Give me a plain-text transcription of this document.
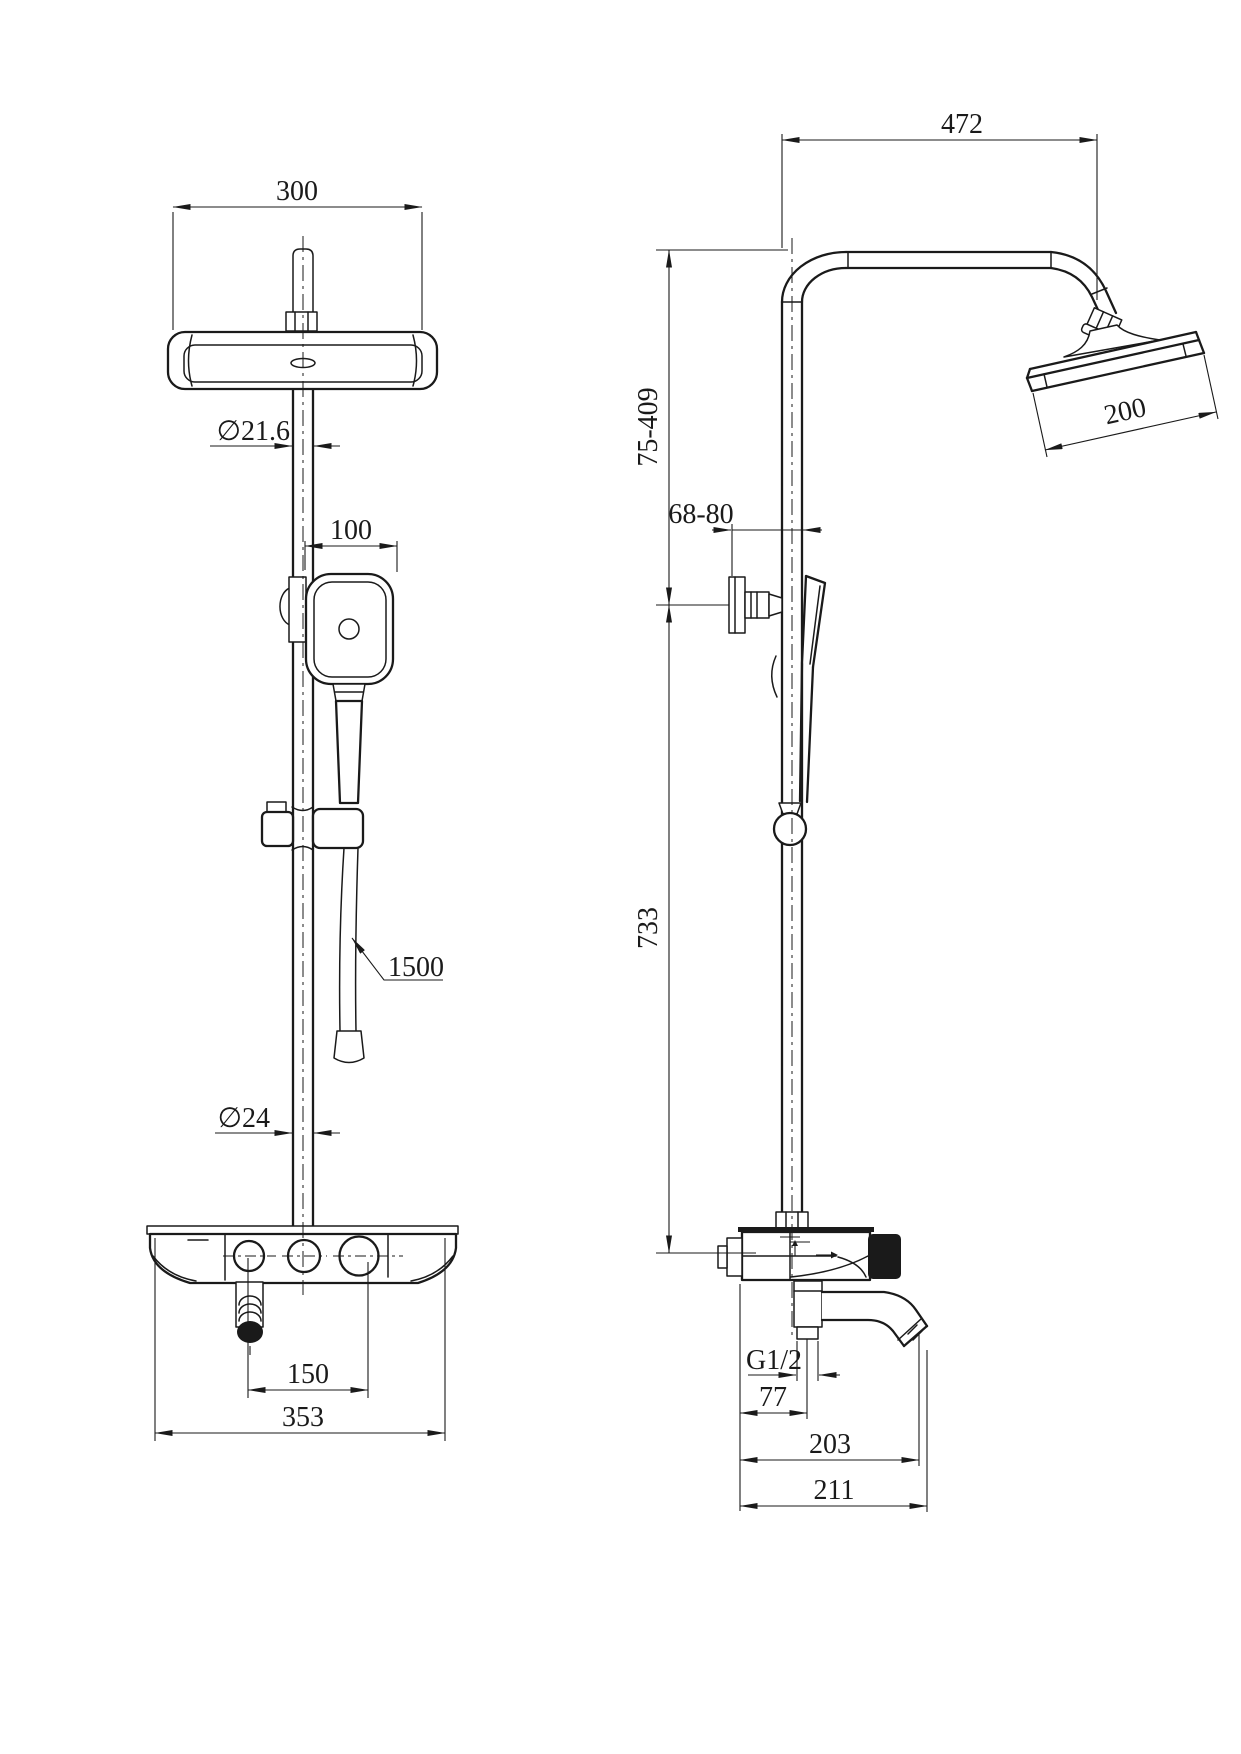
300
∅21.6
100
1500
∅24
150
353
472
75-409
733
68-80
200
G1/2
77
203
211
